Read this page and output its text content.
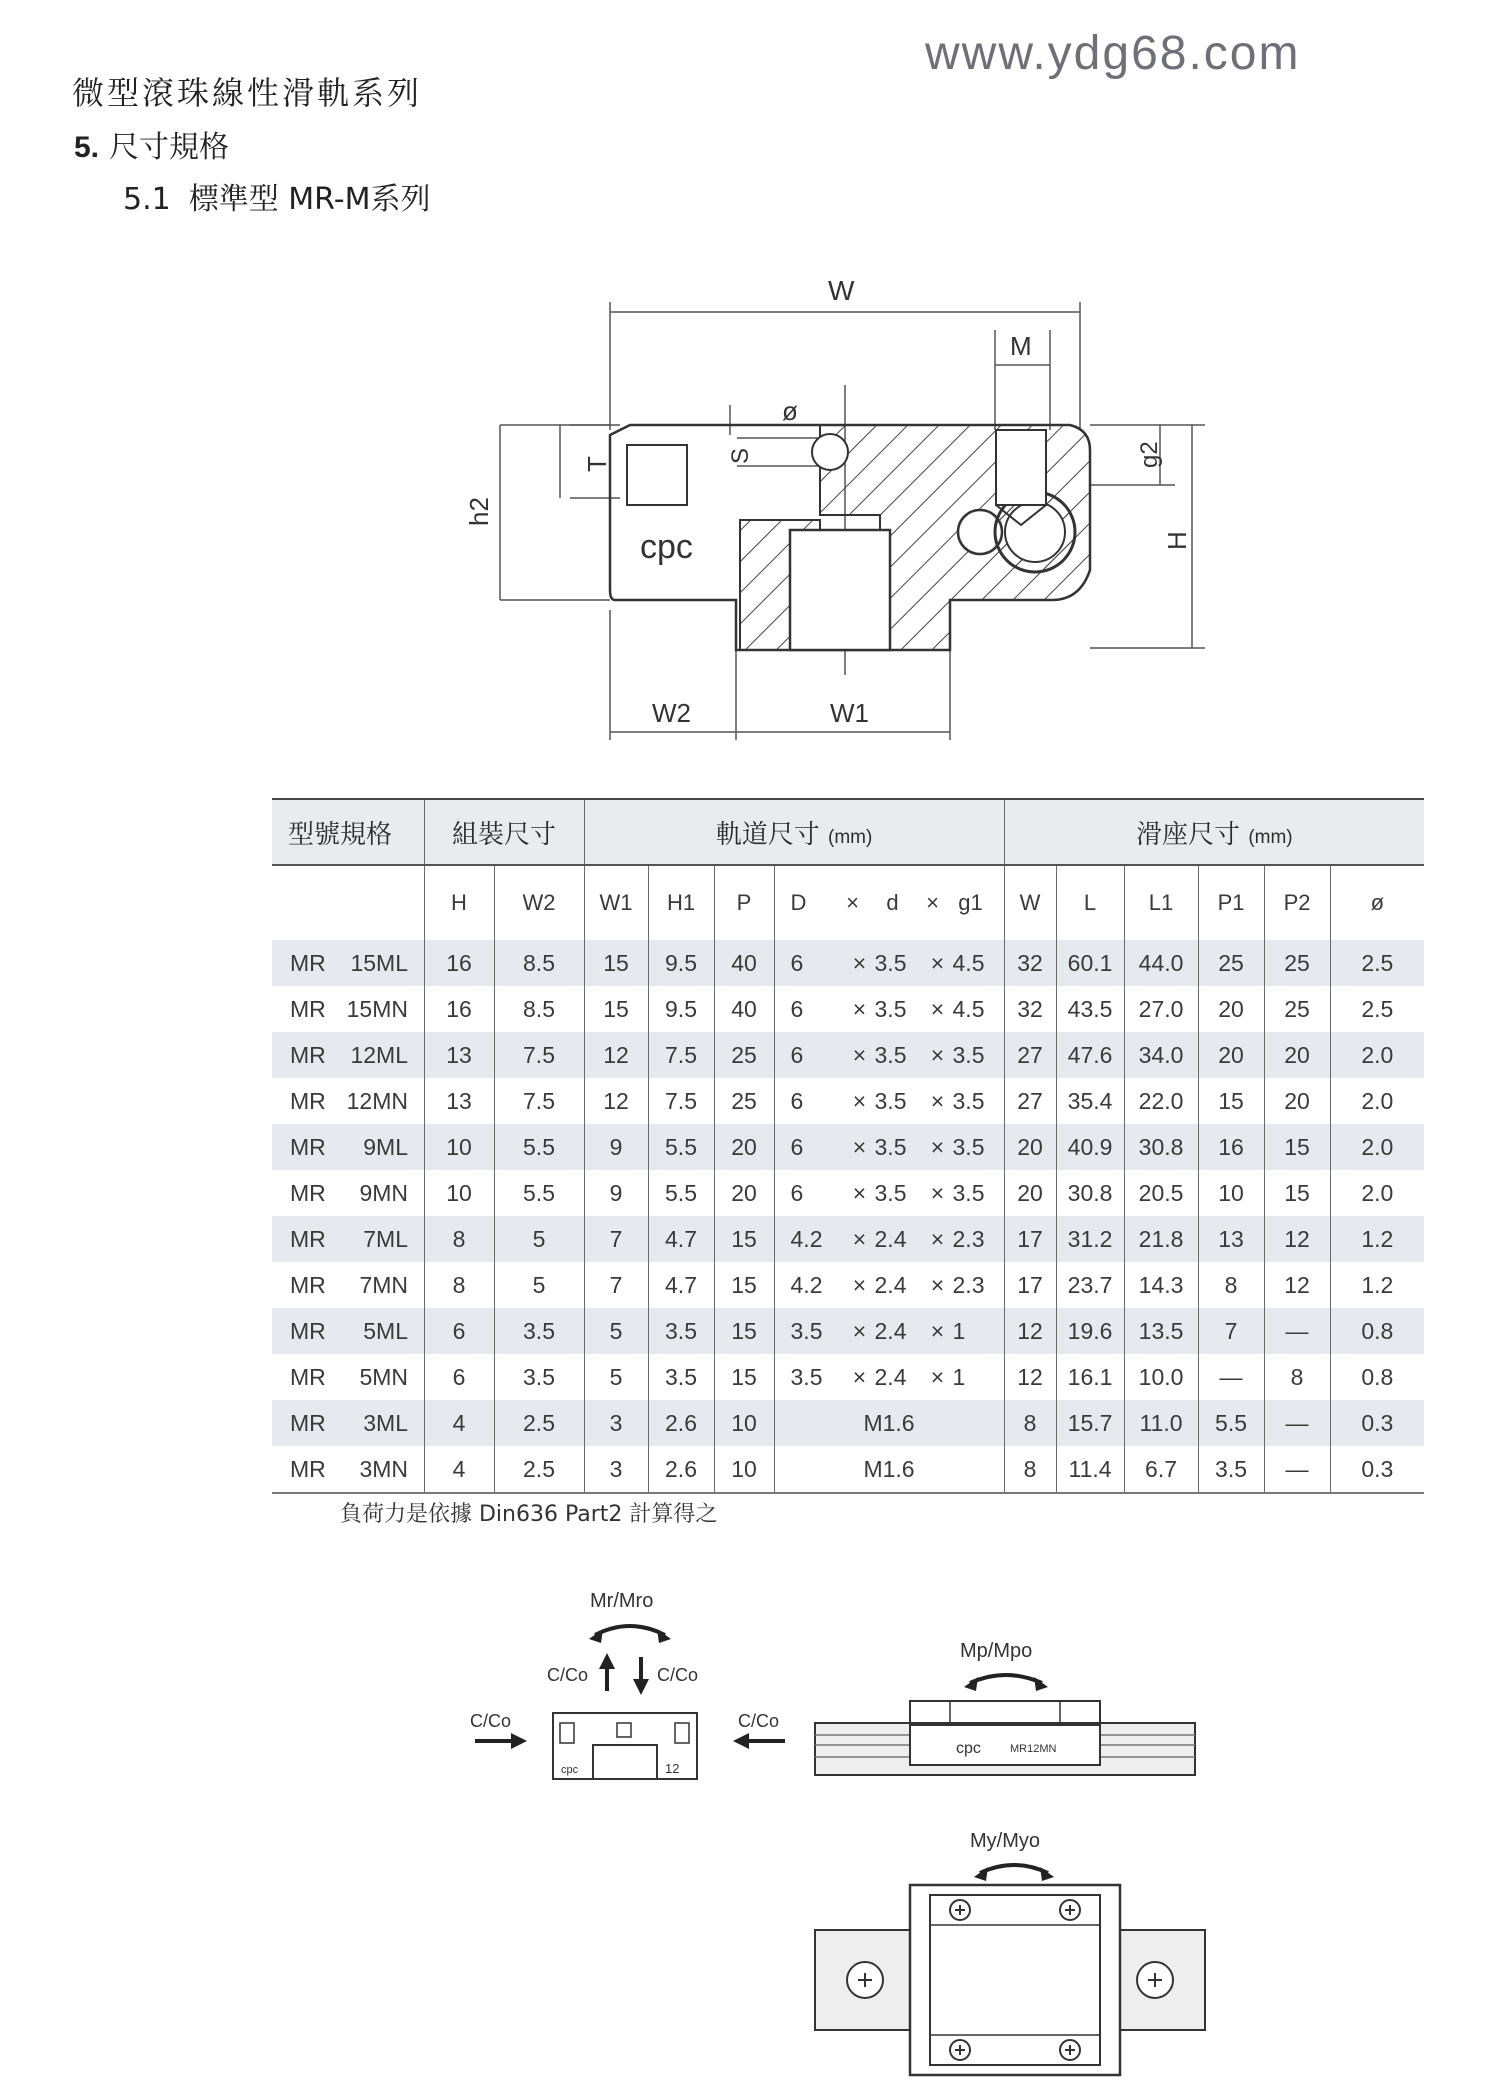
www.ydg68.com
微型滾珠線性滑軌系列
5. 尺寸規格
5.1 標準型 MR-M系列
cpc
W
M
ø
S
T
h2
g2
H
W2	W1
型號規格	組裝尺寸		軌道尺寸 (mm)				滑座尺寸 (mm)					
	H	W2	W1	H1	P	D × d × g1	W	L	L1	P1	P2	ø
MR 15ML	16	8.5	15	9.5	40	6 × 3.5 × 4.5	32	60.1	44.0	25	25	2.5
MR 15MN	16	8.5	15	9.5	40	6 × 3.5 × 4.5	32	43.5	27.0	20	25	2.5
MR 12ML	13	7.5	12	7.5	25	6 × 3.5 × 3.5	27	47.6	34.0	20	20	2.0
MR 12MN	13	7.5	12	7.5	25	6 × 3.5 × 3.5	27	35.4	22.0	15	20	2.0
MR 9ML	10	5.5	9	5.5	20	6 × 3.5 × 3.5	20	40.9	30.8	16	15	2.0
MR 9MN	10	5.5	9	5.5	20	6 × 3.5 × 3.5	20	30.8	20.5	10	15	2.0
MR 7ML	8	5	7	4.7	15	4.2 × 2.4 × 2.3	17	31.2	21.8	13	12	1.2
MR 7MN	8	5	7	4.7	15	4.2 × 2.4 × 2.3	17	23.7	14.3	8	12	1.2
MR 5ML	6	3.5	5	3.5	15	3.5 × 2.4 × 1	12	19.6	13.5	7	—	0.8
MR 5MN	6	3.5	5	3.5	15	3.5 × 2.4 × 1	12	16.1	10.0	—	8	0.8
MR 3ML	4	2.5	3	2.6	10	M1.6	8	15.7	11.0	5.5	—	0.3
MR 3MN	4	2.5	3	2.6	10	M1.6	8	11.4	6.7	3.5	—	0.3
負荷力是依據 Din636 Part2 計算得之
Mr/Mro
C/Co	C/Co
C/Co	C/Co
cpc	12
Mp/Mpo
cpc	MR12MN
My/Myo
